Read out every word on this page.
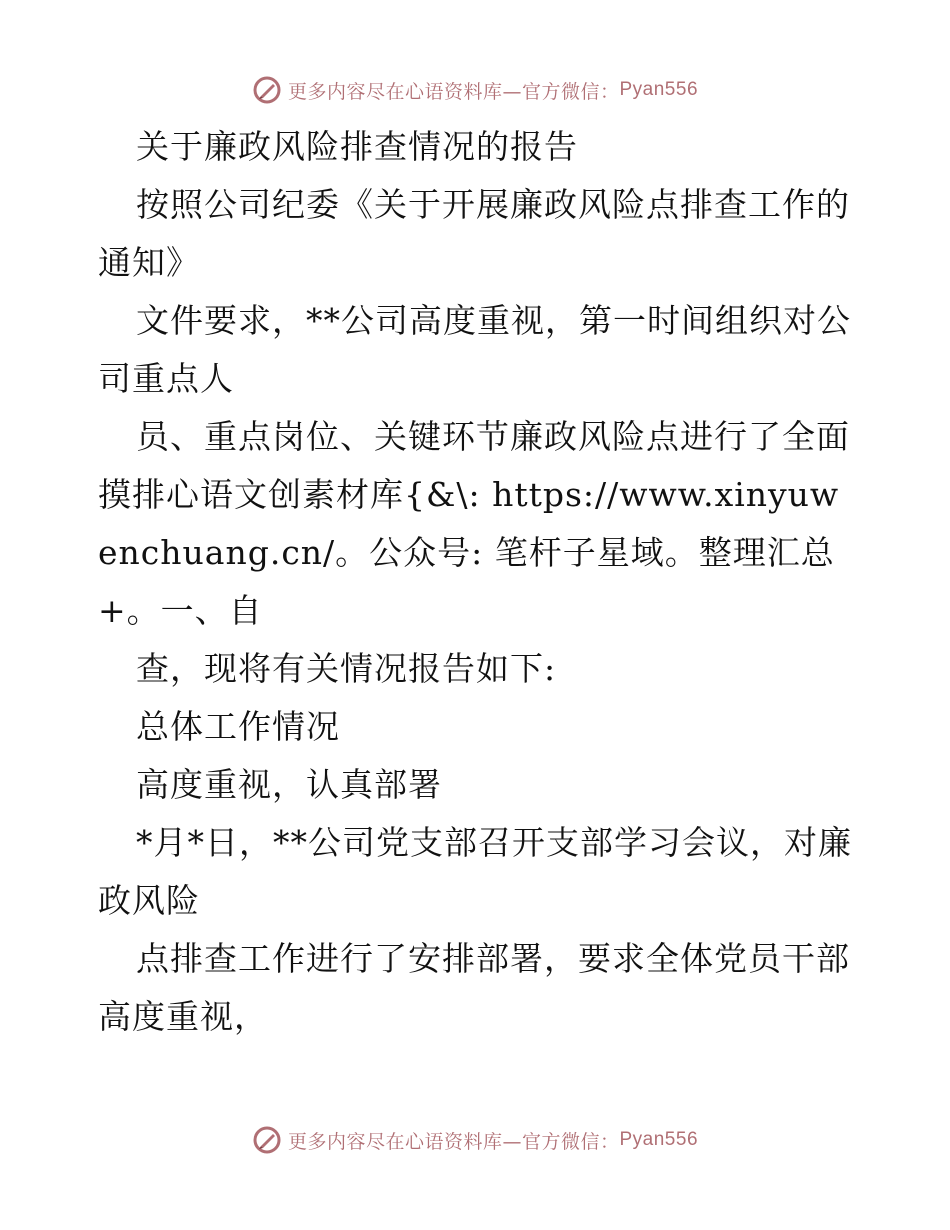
更多内容尽在心语资料库—官方微信： Pyan556

关于廉政风险排查情况的报告

按照公司纪委《关于开展廉政风险点排查工作的通知》

文件要求，**公司高度重视，第一时间组织对公司重点人

员、重点岗位、关键环节廉政风险点进行了全面摸排心语文创素材库{&\: https://www.xinyuwenchuang.cn/。公众号: 笔杆子星域。整理汇总+。一、自

查，现将有关情况报告如下:

总体工作情况

高度重视，认真部署

*月*日，**公司党支部召开支部学习会议，对廉政风险

点排查工作进行了安排部署，要求全体党员干部高度重视，

更多内容尽在心语资料库—官方微信： Pyan556
